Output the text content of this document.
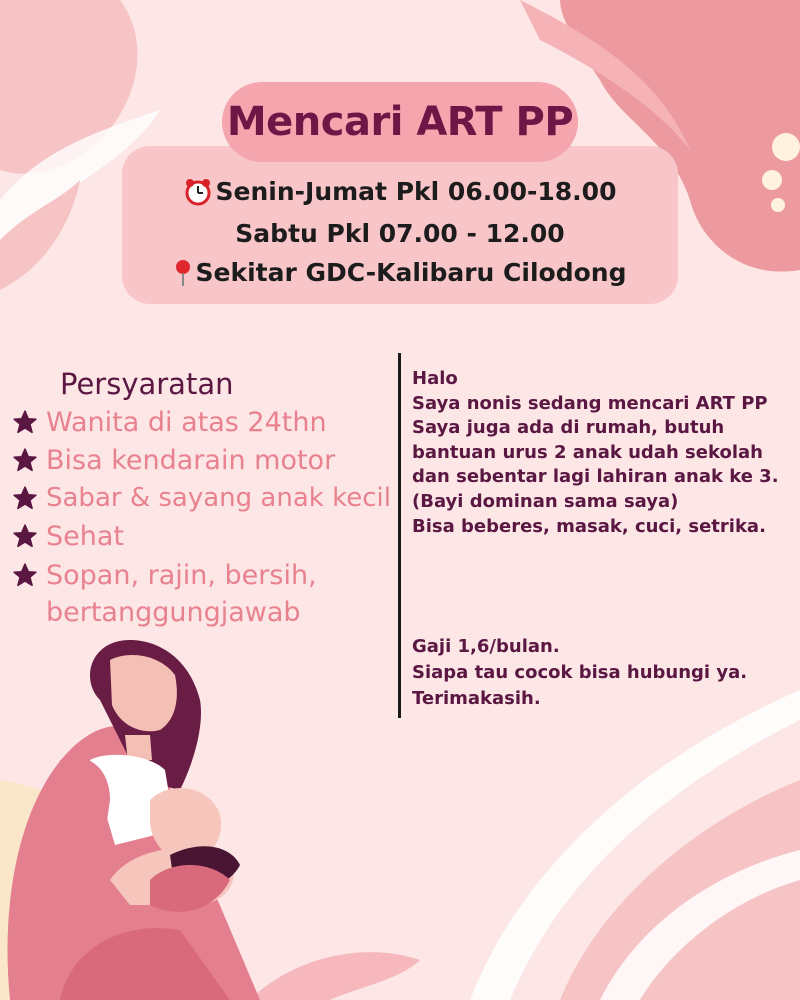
Mencari ART PP
Senin-Jumat Pkl 06.00-18.00
Sabtu Pkl 07.00 - 12.00
Sekitar GDC-Kalibaru Cilodong
Persyaratan
Wanita di atas 24thn
Bisa kendarain motor
Sabar & sayang anak kecil
Sehat
Sopan, rajin, bersih,
bertanggungjawab
Halo
Saya nonis sedang mencari ART PP
Saya juga ada di rumah, butuh
bantuan urus 2 anak udah sekolah
dan sebentar lagi lahiran anak ke 3.
(Bayi dominan sama saya)
Bisa beberes, masak, cuci, setrika.
Gaji 1,6/bulan.
Siapa tau cocok bisa hubungi ya.
Terimakasih.
